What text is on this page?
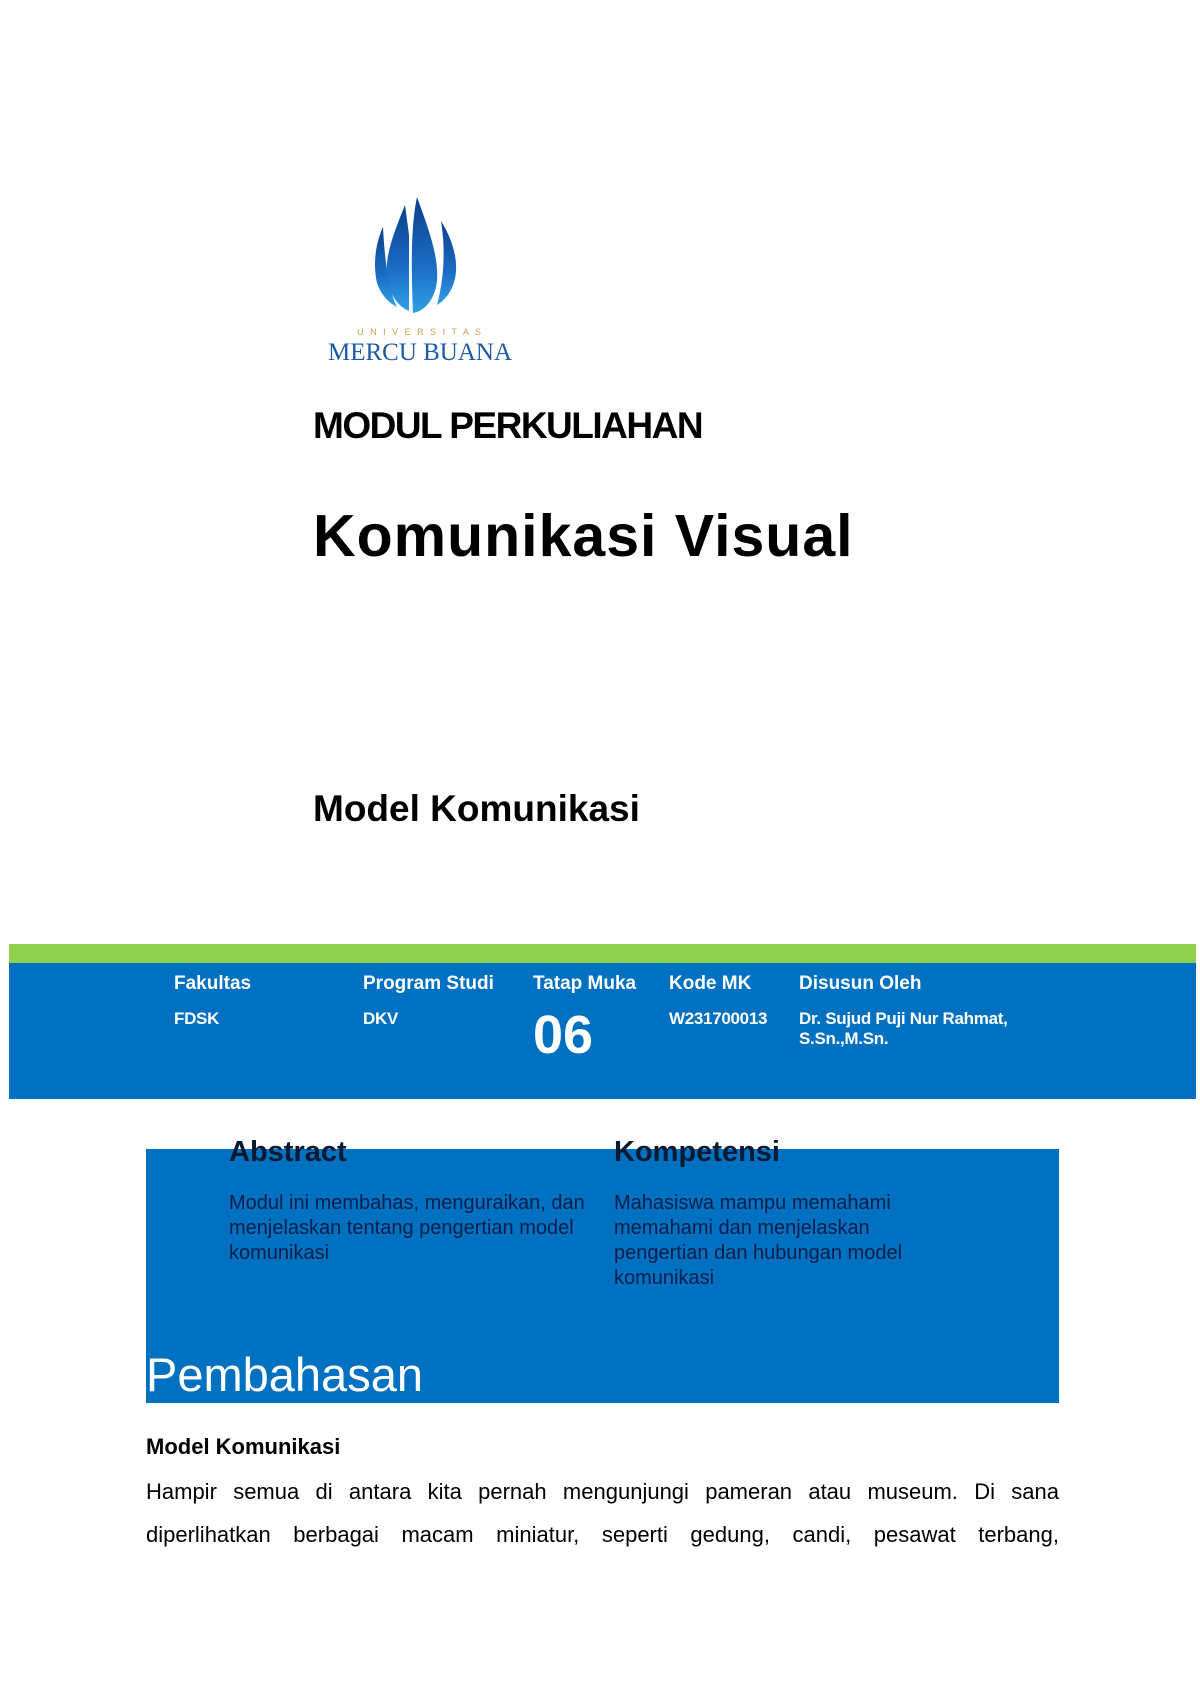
U N I V E R S I T A S
MERCU BUANA
MODUL PERKULIAHAN
Komunikasi Visual
Model Komunikasi
Fakultas
FDSK
Program Studi
DKV
Tatap Muka
06
Kode MK
W231700013
Disusun Oleh
Dr. Sujud Puji Nur Rahmat,
S.Sn.,M.Sn.
Abstract
Modul ini membahas, menguraikan, dan menjelaskan tentang pengertian model komunikasi
Kompetensi
Mahasiswa mampu memahami memahami dan menjelaskan pengertian dan hubungan model komunikasi
Pembahasan
Model Komunikasi
Hampir semua di antara kita pernah mengunjungi pameran atau museum. Di sana diperlihatkan berbagai macam miniatur, seperti gedung, candi, pesawat terbang,
